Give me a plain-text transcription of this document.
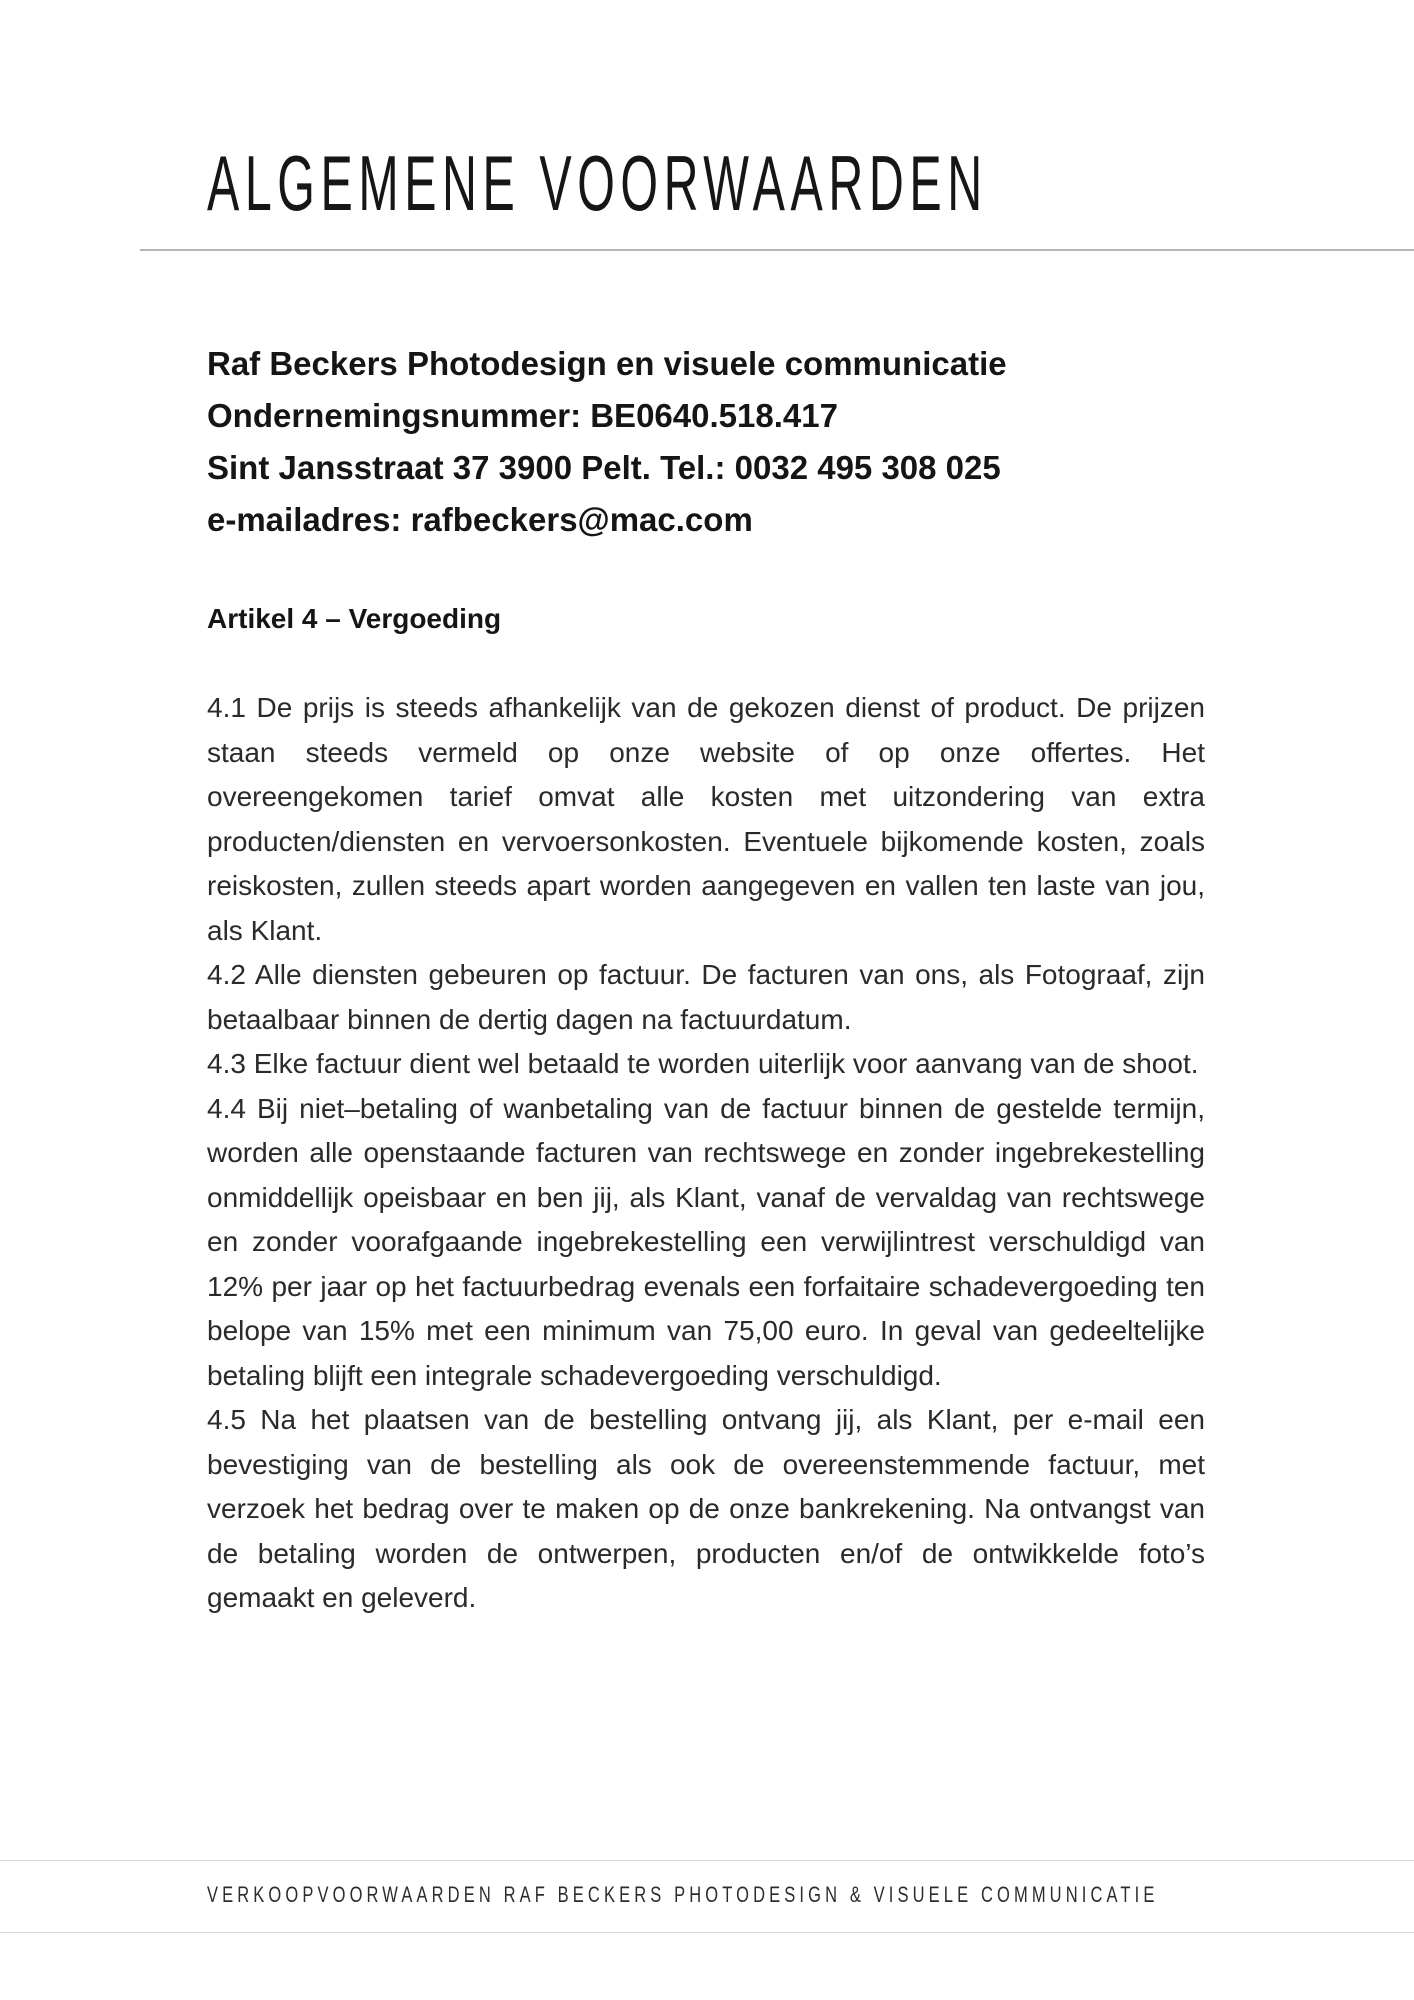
ALGEMENE VOORWAARDEN
Raf Beckers Photodesign en visuele communicatie
Ondernemingsnummer: BE0640.518.417
Sint Jansstraat 37 3900 Pelt. Tel.: 0032 495 308 025
e-mailadres: rafbeckers@mac.com
Artikel 4 – Vergoeding

4.1 De prijs is steeds afhankelijk van de gekozen dienst of product. De prijzen staan steeds vermeld op onze website of op onze offertes. Het overeengekomen tarief omvat alle kosten met uitzondering van extra producten/diensten en vervoersonkosten. Eventuele bijkomende kosten, zoals reiskosten, zullen steeds apart worden aangegeven en vallen ten laste van jou, als Klant.

4.2 Alle diensten gebeuren op factuur. De facturen van ons, als Fotograaf, zijn betaalbaar binnen de dertig dagen na factuurdatum.

4.3 Elke factuur dient wel betaald te worden uiterlijk voor aanvang van de shoot.

4.4 Bij niet–betaling of wanbetaling van de factuur binnen de gestelde termijn, worden alle openstaande facturen van rechtswege en zonder ingebrekestelling onmiddellijk opeisbaar en ben jij, als Klant, vanaf de vervaldag van rechtswege en zonder voorafgaande ingebrekestelling een verwijlintrest verschuldigd van 12% per jaar op het factuurbedrag evenals een forfaitaire schadevergoeding ten belope van 15% met een minimum van 75,00 euro. In geval van gedeeltelijke betaling blijft een integrale schadevergoeding verschuldigd.

4.5 Na het plaatsen van de bestelling ontvang jij, als Klant, per e-mail een bevestiging van de bestelling als ook de overeenstemmende factuur, met verzoek het bedrag over te maken op de onze bankrekening. Na ontvangst van de betaling worden de ontwerpen, producten en/of de ontwikkelde foto’s gemaakt en geleverd.

VERKOOPVOORWAARDEN RAF BECKERS PHOTODESIGN & VISUELE COMMUNICATIE
